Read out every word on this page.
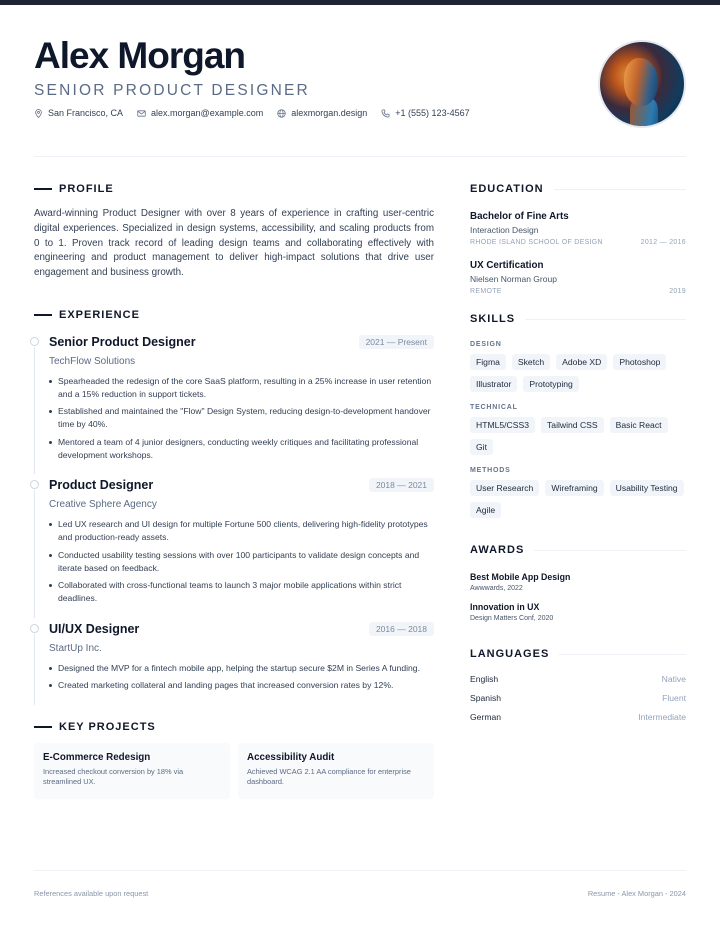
Alex Morgan
SENIOR PRODUCT DESIGNER
San Francisco, CA	alex.morgan@example.com	alexmorgan.design	+1 (555) 123-4567
PROFILE

Award-winning Product Designer with over 8 years of experience in crafting user-centric digital experiences. Specialized in design systems, accessibility, and scaling products from 0 to 1. Proven track record of leading design teams and collaborating effectively with engineering and product management to deliver high-impact solutions that drive user engagement and business growth.

EXPERIENCE
Senior Product Designer	2021 — Present
TechFlow Solutions
Spearheaded the redesign of the core SaaS platform, resulting in a 25% increase in user retention and a 15% reduction in support tickets.
Established and maintained the "Flow" Design System, reducing design-to-development handover time by 40%.
Mentored a team of 4 junior designers, conducting weekly critiques and facilitating professional development workshops.
Product Designer	2018 — 2021
Creative Sphere Agency
Led UX research and UI design for multiple Fortune 500 clients, delivering high-fidelity prototypes and production-ready assets.
Conducted usability testing sessions with over 100 participants to validate design concepts and iterate based on feedback.
Collaborated with cross-functional teams to launch 3 major mobile applications within strict deadlines.
UI/UX Designer	2016 — 2018
StartUp Inc.
Designed the MVP for a fintech mobile app, helping the startup secure $2M in Series A funding.
Created marketing collateral and landing pages that increased conversion rates by 12%.
KEY PROJECTS
E-Commerce Redesign
Increased checkout conversion by 18% via streamlined UX.
Accessibility Audit
Achieved WCAG 2.1 AA compliance for enterprise dashboard.
EDUCATION
Bachelor of Fine Arts
Interaction Design
RHODE ISLAND SCHOOL OF DESIGN	2012 — 2016
UX Certification
Nielsen Norman Group
REMOTE	2019
SKILLS
DESIGN
Figma	Sketch	Adobe XD	Photoshop
Illustrator	Prototyping
TECHNICAL
HTML5/CSS3	Tailwind CSS	Basic React
Git
METHODS
User Research	Wireframing	Usability Testing
Agile
AWARDS
Best Mobile App Design
Awwwards, 2022
Innovation in UX
Design Matters Conf, 2020
LANGUAGES
English	Native
Spanish	Fluent
German	Intermediate
References available upon request	Resume - Alex Morgan - 2024
